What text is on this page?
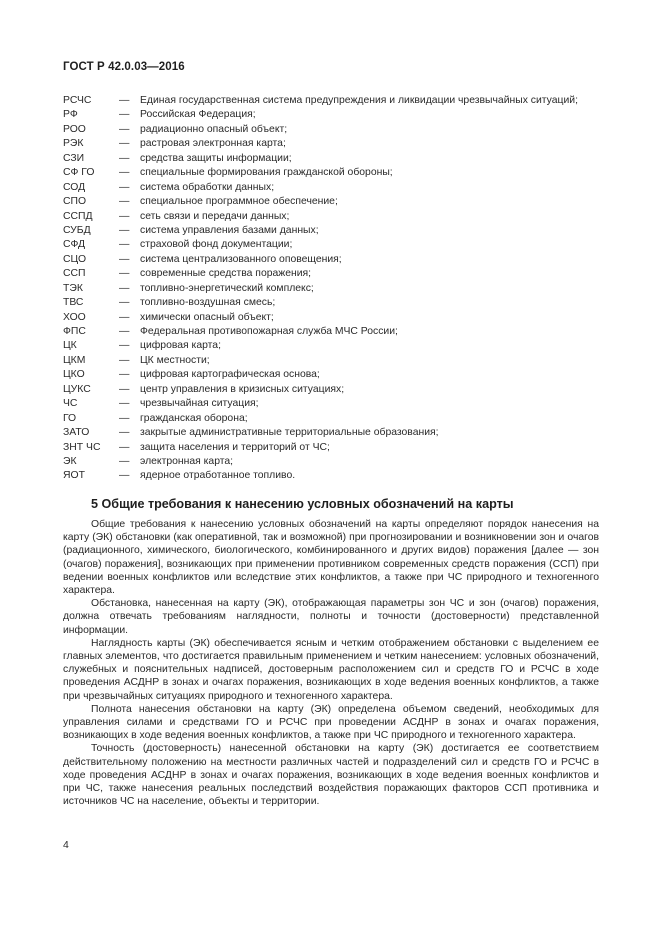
ГОСТ Р 42.0.03—2016
РСЧС	—	Единая государственная система предупреждения и ликвидации чрезвычайных ситуаций;
РФ	—	Российская Федерация;
РОО	—	радиационно опасный объект;
РЭК	—	растровая электронная карта;
СЗИ	—	средства защиты информации;
СФ ГО	—	специальные формирования гражданской обороны;
СОД	—	система обработки данных;
СПО	—	специальное программное обеспечение;
ССПД	—	сеть связи и передачи данных;
СУБД	—	система управления базами данных;
СФД	—	страховой фонд документации;
СЦО	—	система централизованного оповещения;
ССП	—	современные средства поражения;
ТЭК	—	топливно-энергетический комплекс;
ТВС	—	топливно-воздушная смесь;
ХОО	—	химически опасный объект;
ФПС	—	Федеральная противопожарная служба МЧС России;
ЦК	—	цифровая карта;
ЦКМ	—	ЦК местности;
ЦКО	—	цифровая картографическая основа;
ЦУКС	—	центр управления в кризисных ситуациях;
ЧС	—	чрезвычайная ситуация;
ГО	—	гражданская оборона;
ЗАТО	—	закрытые административные территориальные образования;
ЗНТ ЧС	—	защита населения и территорий от ЧС;
ЭК	—	электронная карта;
ЯОТ	—	ядерное отработанное топливо.
5 Общие требования к нанесению условных обозначений на карты

Общие требования к нанесению условных обозначений на карты определяют порядок нанесения на карту (ЭК) обстановки (как оперативной, так и возможной) при прогнозировании и возникновении зон и очагов (радиационного, химического, биологического, комбинированного и других видов) поражения [далее — зон (очагов) поражения], возникающих при применении противником современных средств поражения (ССП) при ведении военных конфликтов или вследствие этих конфликтов, а также при ЧС природного и техногенного характера.

Обстановка, нанесенная на карту (ЭК), отображающая параметры зон ЧС и зон (очагов) поражения, должна отвечать требованиям наглядности, полноты и точности (достоверности) представленной информации.

Наглядность карты (ЭК) обеспечивается ясным и четким отображением обстановки с выделением ее главных элементов, что достигается правильным применением и четким нанесением: условных обозначений, служебных и пояснительных надписей, достоверным расположением сил и средств ГО и РСЧС в ходе проведения АСДНР в зонах и очагах поражения, возникающих в ходе ведения военных конфликтов, а также при чрезвычайных ситуациях природного и техногенного характера.

Полнота нанесения обстановки на карту (ЭК) определена объемом сведений, необходимых для управления силами и средствами ГО и РСЧС при проведении АСДНР в зонах и очагах поражения, возникающих в ходе ведения военных конфликтов, а также при ЧС природного и техногенного характера.

Точность (достоверность) нанесенной обстановки на карту (ЭК) достигается ее соответствием действительному положению на местности различных частей и подразделений сил и средств ГО и РСЧС в ходе проведения АСДНР в зонах и очагах поражения, возникающих в ходе ведения военных конфликтов и при ЧС, также нанесения реальных последствий воздействия поражающих факторов ССП противника и источников ЧС на население, объекты и территории.

4
